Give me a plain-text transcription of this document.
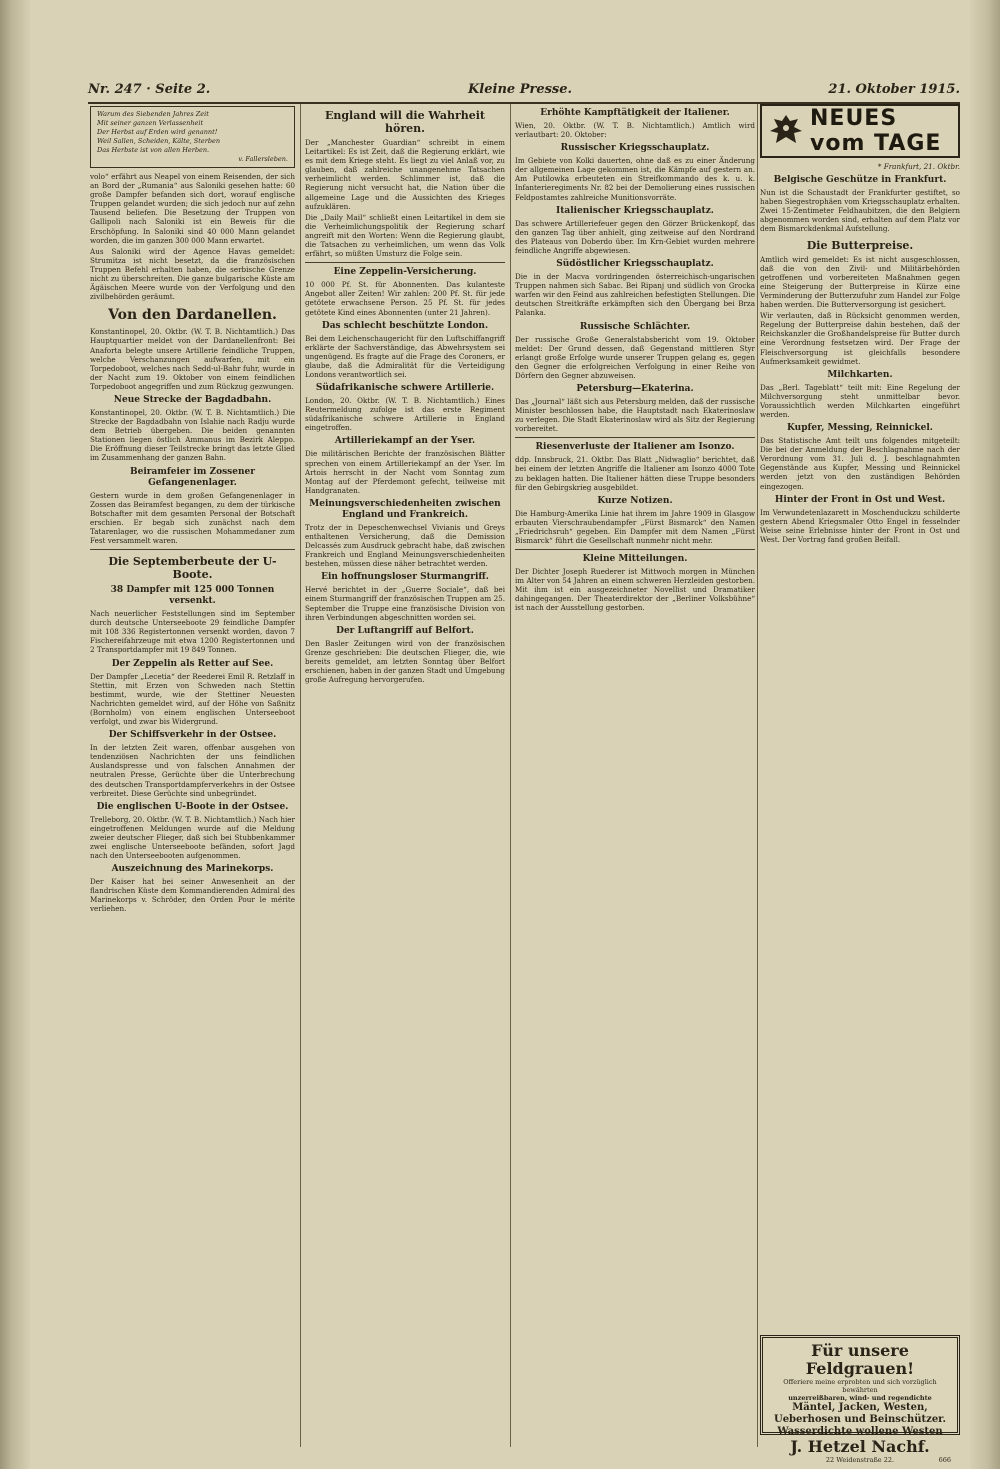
Nr. 247 · Seite 2.	Kleine Presse.	21. Oktober 1915.
Warum des Siebenden Jahres Zeit
Mit seiner ganzen Verlassenheit
Der Herbst auf Erden wird genannt!
Weil Sallen, Scheiden, Kälte, Sterben
Das Herbste ist von allen Herben.
v. Fallersleben.

volo“ erfährt aus Neapel von einem Reisenden, der sich an Bord der „Rumania“ aus Saloniki gesehen hatte: 60 große Dampfer befanden sich dort, worauf englische Truppen gelandet wurden; die sich jedoch nur auf zehn Tausend beliefen. Die Besetzung der Truppen von Gallipoli nach Saloniki ist ein Beweis für die Erschöpfung. In Saloniki sind 40 000 Mann gelandet worden, die im ganzen 300 000 Mann erwartet.

Aus Saloniki wird der Agence Havas gemeldet: Strumitza ist nicht besetzt, da die französischen Truppen Befehl erhalten haben, die serbische Grenze nicht zu überschreiten. Die ganze bulgarische Küste am Ägäischen Meere wurde von der Verfolgung und den zivilbehörden geräumt.

Von den Dardanellen.

Konstantinopel, 20. Oktbr. (W. T. B. Nichtamtlich.) Das Hauptquartier meldet von der Dardanellenfront: Bei Anaforta belegte unsere Artillerie feindliche Truppen, welche Verschanzungen aufwarfen, mit ein Torpedoboot, welches nach Sedd-ul-Bahr fuhr, wurde in der Nacht zum 19. Oktober von einem feindlichen Torpedoboot angegriffen und zum Rückzug gezwungen.

Neue Strecke der Bagdadbahn.

Konstantinopel, 20. Oktbr. (W. T. B. Nichtamtlich.) Die Strecke der Bagdadbahn von Islahie nach Radju wurde dem Betrieb übergeben. Die beiden genannten Stationen liegen östlich Ammanus im Bezirk Aleppo. Die Eröffnung dieser Teilstrecke bringt das letzte Glied im Zusammenhang der ganzen Bahn.

Beiramfeier im Zossener Gefangenenlager.

Gestern wurde in dem großen Gefangenenlager in Zossen das Beiramfest begangen, zu dem der türkische Botschafter mit dem gesamten Personal der Botschaft erschien. Er begab sich zunächst nach dem Tatarenlager, wo die russischen Mohammedaner zum Fest versammelt waren.

Die Septemberbeute der U-Boote.
38 Dampfer mit 125 000 Tonnen versenkt.

Nach neuerlicher Feststellungen sind im September durch deutsche Unterseeboote 29 feindliche Dampfer mit 108 336 Registertonnen versenkt worden, davon 7 Fischereifahrzeuge mit etwa 1200 Registertonnen und 2 Transportdampfer mit 19 849 Tonnen.

Der Zeppelin als Retter auf See.

Der Dampfer „Lecetia“ der Reederei Emil R. Retzlaff in Stettin, mit Erzen von Schweden nach Stettin bestimmt, wurde, wie der Stettiner Neuesten Nachrichten gemeldet wird, auf der Höhe von Saßnitz (Bornholm) von einem englischen Unterseeboot verfolgt, und zwar bis Widergrund.

Der Schiffsverkehr in der Ostsee.

In der letzten Zeit waren, offenbar ausgehen von tendenziösen Nachrichten der uns feindlichen Auslandspresse und von falschen Annahmen der neutralen Presse, Gerüchte über die Unterbrechung des deutschen Transportdampferverkehrs in der Ostsee verbreitet. Diese Gerüchte sind unbegründet.

Die englischen U-Boote in der Ostsee.

Trelleborg, 20. Oktbr. (W. T. B. Nichtamtlich.) Nach hier eingetroffenen Meldungen wurde auf die Meldung zweier deutscher Flieger, daß sich bei Stubbenkammer zwei englische Unterseeboote befänden, sofort Jagd nach den Unterseebooten aufgenommen.

Auszeichnung des Marinekorps.

Der Kaiser hat bei seiner Anwesenheit an der flandrischen Küste dem Kommandierenden Admiral des Marinekorps v. Schröder, den Orden Pour le mérite verliehen.

England will die Wahrheit hören.

Der „Manchester Guardian“ schreibt in einem Leitartikel: Es ist Zeit, daß die Regierung erklärt, wie es mit dem Kriege steht. Es liegt zu viel Anlaß vor, zu glauben, daß zahlreiche unangenehme Tatsachen verheimlicht werden. Schlimmer ist, daß die Regierung nicht versucht hat, die Nation über die allgemeine Lage und die Aussichten des Krieges aufzuklären.

Die „Daily Mail“ schließt einen Leitartikel in dem sie die Verheimlichungspolitik der Regierung scharf angreift mit den Worten: Wenn die Regierung glaubt, die Tatsachen zu verheimlichen, um wenn das Volk erfährt, so müßten Umsturz die Folge sein.

Eine Zeppelin-Versicherung.

10 000 Pf. St. für Abonnenten. Das kulanteste Angebot aller Zeiten! Wir zahlen: 200 Pf. St. für jede getötete erwachsene Person. 25 Pf. St. für jedes getötete Kind eines Abonnenten (unter 21 Jahren).

Das schlecht beschützte London.

Bei dem Leichenschaugericht für den Luftschiffangriff erklärte der Sachverständige, das Abwehrsystem sei ungenügend. Es fragte auf die Frage des Coroners, er glaube, daß die Admiralität für die Verteidigung Londons verantwortlich sei.

Südafrikanische schwere Artillerie.

London, 20. Oktbr. (W. T. B. Nichtamtlich.) Eines Reutermeldung zufolge ist das erste Regiment südafrikanische schwere Artillerie in England eingetroffen.

Artilleriekampf an der Yser.

Die militärischen Berichte der französischen Blätter sprechen von einem Artilleriekampf an der Yser. Im Artois herrscht in der Nacht vom Sonntag zum Montag auf der Pferdemont gefecht, teilweise mit Handgranaten.

Meinungsverschiedenheiten zwischen England und Frankreich.

Trotz der in Depeschenwechsel Vivianis und Greys enthaltenen Versicherung, daß die Demission Delcassés zum Ausdruck gebracht habe, daß zwischen Frankreich und England Meinungsverschiedenheiten bestehen, müssen diese näher betrachtet werden.

Ein hoffnungsloser Sturmangriff.

Hervé berichtet in der „Guerre Sociale“, daß bei einem Sturmangriff der französischen Truppen am 25. September die Truppe eine französische Division von ihren Verbindungen abgeschnitten worden sei.

Der Luftangriff auf Belfort.

Den Basler Zeitungen wird von der französischen Grenze geschrieben: Die deutschen Flieger, die, wie bereits gemeldet, am letzten Sonntag über Belfort erschienen, haben in der ganzen Stadt und Umgebung große Aufregung hervorgerufen.

Erhöhte Kampftätigkeit der Italiener.

Wien, 20. Oktbr. (W. T. B. Nichtamtlich.) Amtlich wird verlautbart: 20. Oktober:

Russischer Kriegsschauplatz.

Im Gebiete von Kolki dauerten, ohne daß es zu einer Änderung der allgemeinen Lage gekommen ist, die Kämpfe auf gestern an. Am Putilowka erbeuteten ein Streifkommando des k. u. k. Infanterieregiments Nr. 82 bei der Demolierung eines russischen Feldpostamtes zahlreiche Munitionsvorräte.

Italienischer Kriegsschauplatz.

Das schwere Artilleriefeuer gegen den Görzer Brückenkopf, das den ganzen Tag über anhielt, ging zeitweise auf den Nordrand des Plateaus von Doberdo über. Im Krn-Gebiet wurden mehrere feindliche Angriffe abgewiesen.

Südöstlicher Kriegsschauplatz.

Die in der Macva vordringenden österreichisch-ungarischen Truppen nahmen sich Sabac. Bei Ripanj und südlich von Grocka warfen wir den Feind aus zahlreichen befestigten Stellungen. Die deutschen Streitkräfte erkämpften sich den Übergang bei Brza Palanka.

Russische Schlächter.

Der russische Große Generalstabsbericht vom 19. Oktober meldet: Der Grund dessen, daß Gegenstand mittleren Styr erlangt große Erfolge wurde unserer Truppen gelang es, gegen den Gegner die erfolgreichen Verfolgung in einer Reihe von Dörfern den Gegner abzuweisen.

Petersburg—Ekaterina.

Das „Journal“ läßt sich aus Petersburg melden, daß der russische Minister beschlossen habe, die Hauptstadt nach Ekaterinoslaw zu verlegen. Die Stadt Ekaterinoslaw wird als Sitz der Regierung vorbereitet.

Riesenverluste der Italiener am Isonzo.

ddp. Innsbruck, 21. Oktbr. Das Blatt „Nidwaglio“ berichtet, daß bei einem der letzten Angriffe die Italiener am Isonzo 4000 Tote zu beklagen hatten. Die Italiener hätten diese Truppe besonders für den Gebirgskrieg ausgebildet.

Kurze Notizen.

Die Hamburg-Amerika Linie hat ihrem im Jahre 1909 in Glasgow erbauten Vierschraubendampfer „Fürst Bismarck“ den Namen „Friedrichsruh“ gegeben. Ein Dampfer mit dem Namen „Fürst Bismarck“ führt die Gesellschaft nunmehr nicht mehr.

Kleine Mitteilungen.

Der Dichter Joseph Ruederer ist Mittwoch morgen in München im Alter von 54 Jahren an einem schweren Herzleiden gestorben. Mit ihm ist ein ausgezeichneter Novellist und Dramatiker dahingegangen. Der Theaterdirektor der „Berliner Volksbühne“ ist nach der Ausstellung gestorben.

NEUES vom TAGE

* Frankfurt, 21. Oktbr.

Belgische Geschütze in Frankfurt.

Nun ist die Schaustadt der Frankfurter gestiftet, so haben Siegestrophäen vom Kriegsschauplatz erhalten. Zwei 15-Zentimeter Feldhaubitzen, die den Belgiern abgenommen worden sind, erhalten auf dem Platz vor dem Bismarckdenkmal Aufstellung.

Die Butterpreise.

Amtlich wird gemeldet: Es ist nicht ausgeschlossen, daß die von den Zivil- und Militärbehörden getroffenen und vorbereiteten Maßnahmen gegen eine Steigerung der Butterpreise in Kürze eine Verminderung der Butterzufuhr zum Handel zur Folge haben werden. Die Butterversorgung ist gesichert.

Wir verlauten, daß in Rücksicht genommen werden, Regelung der Butterpreise dahin bestehen, daß der Reichskanzler die Großhandelspreise für Butter durch eine Verordnung festsetzen wird. Der Frage der Fleischversorgung ist gleichfalls besondere Aufmerksamkeit gewidmet.

Milchkarten.

Das „Berl. Tageblatt“ teilt mit: Eine Regelung der Milchversorgung steht unmittelbar bevor. Voraussichtlich werden Milchkarten eingeführt werden.

Kupfer, Messing, Reinnickel.

Das Statistische Amt teilt uns folgendes mitgeteilt: Die bei der Anmeldung der Beschlagnahme nach der Verordnung vom 31. Juli d. J. beschlagnahmten Gegenstände aus Kupfer, Messing und Reinnickel werden jetzt von den zuständigen Behörden eingezogen.

Hinter der Front in Ost und West.

Im Verwundetenlazarett in Moschenduckzu schilderte gestern Abend Kriegsmaler Otto Engel in fesselnder Weise seine Erlebnisse hinter der Front in Ost und West. Der Vortrag fand großen Beifall.

Für unsere Feldgrauen!
Offeriere meine erprobten und sich vorzüglich bewährten
unzerreißbaren, wind- und regendichte
Mäntel, Jacken, Westen,
Ueberhosen und Beinschützer.
Wasserdichte wollene Westen
J. Hetzel Nachf.
22 Weidenstraße 22.	666
